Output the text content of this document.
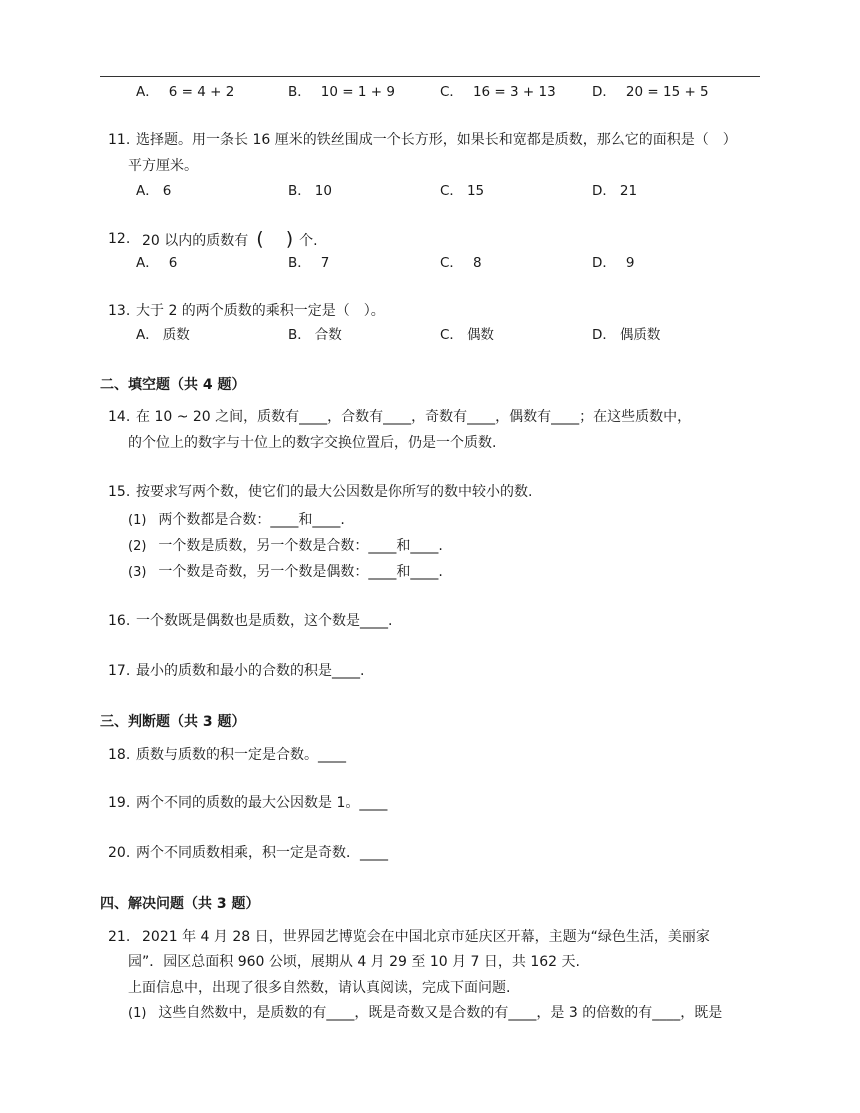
A． 6 = 4 + 2	B． 10 = 1 + 9	C． 16 = 3 + 13	D． 20 = 15 + 5
11. 选择题。用一条长 16 厘米的铁丝围成一个长方形，如果长和宽都是质数，那么它的面积是（　）
平方厘米。
A． 6	B． 10	C． 15	D． 21
12. 20 以内的质数有 ( ) 个.
A． 6	B． 7	C． 8	D． 9
13. 大于 2 的两个质数的乘积一定是（　）。
A． 质数	B． 合数	C． 偶数	D． 偶质数
二、填空题（共 4 题）
14. 在 10 ~ 20 之间，质数有____，合数有____，奇数有____，偶数有____；在这些质数中，
的个位上的数字与十位上的数字交换位置后，仍是一个质数.
15. 按要求写两个数，使它们的最大公因数是你所写的数中较小的数.
(1) 两个数都是合数：____和____.
(2) 一个数是质数，另一个数是合数：____和____.
(3) 一个数是奇数，另一个数是偶数：____和____.
16. 一个数既是偶数也是质数，这个数是____.
17. 最小的质数和最小的合数的积是____.
三、判断题（共 3 题）
18. 质数与质数的积一定是合数。____
19. 两个不同的质数的最大公因数是 1。____
20. 两个不同质数相乘，积一定是奇数．____
四、解决问题（共 3 题）
21. 2021 年 4 月 28 日，世界园艺博览会在中国北京市延庆区开幕，主题为“绿色生活，美丽家
园”．园区总面积 960 公顷，展期从 4 月 29 至 10 月 7 日，共 162 天.
上面信息中，出现了很多自然数，请认真阅读，完成下面问题.
(1) 这些自然数中，是质数的有____，既是奇数又是合数的有____，是 3 的倍数的有____，既是
